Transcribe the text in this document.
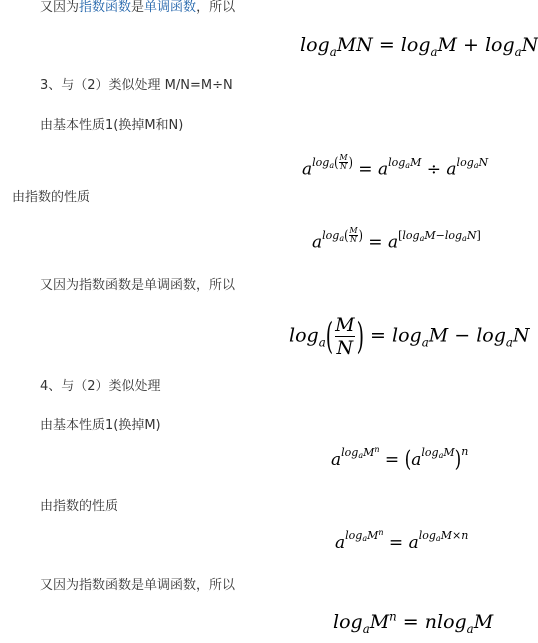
又因为指数函数是单调函数，所以
$\log_aMN = \log_aM + \log_aN$
3、与（2）类似处理 M/N=M÷N
由基本性质1(换掉M和N)
$a^{log_a( \frac{M}{N} )} = a^{log_aM} \div a^{log_aN}$
由指数的性质
$a^{log_a( \frac{M}{N} )} = a[logaM-logaN]$
又因为指数函数是单调函数，所以
$\log_a( \frac{M}{N}$ ) = $\log_aM - \log_aN$
4、与（2）类似处理
由基本性质1(换掉M)
$a^{log_aM^n} = (a^{log_aM})^n$
由指数的性质
$a^{log_aM^n} = a^{log_aM\times n}$
又因为指数函数是单调函数，所以
$\log_aM^n = nlog_aM$
